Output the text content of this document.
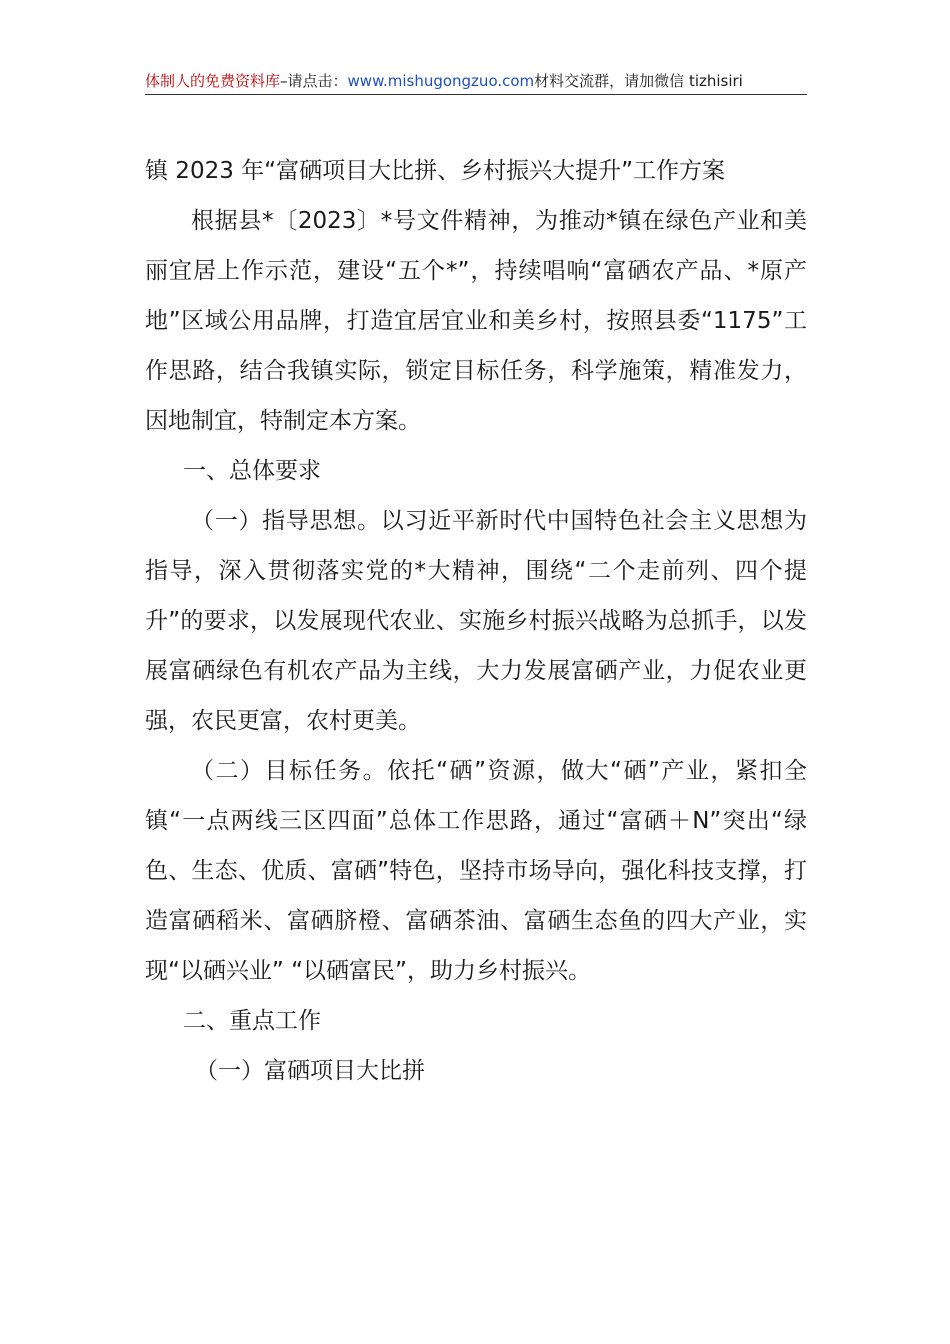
体制人的免费资料库–请点击：www.mishugongzuo.com材料交流群，请加微信 tizhisiri
镇 2023 年“富硒项目大比拼、乡村振兴大提升”工作方案

根据县*〔2023〕*号文件精神，为推动*镇在绿色产业和美丽宜居上作示范，建设“五个*”，持续唱响“富硒农产品、*原产地”区域公用品牌，打造宜居宜业和美乡村，按照县委“1175”工作思路，结合我镇实际，锁定目标任务，科学施策，精准发力，因地制宜，特制定本方案。

一、总体要求

（一）指导思想。以习近平新时代中国特色社会主义思想为指导，深入贯彻落实党的*大精神，围绕“二个走前列、四个提升”的要求，以发展现代农业、实施乡村振兴战略为总抓手，以发展富硒绿色有机农产品为主线，大力发展富硒产业，力促农业更强，农民更富，农村更美。

（二）目标任务。依托“硒”资源，做大“硒”产业，紧扣全镇“一点两线三区四面”总体工作思路，通过“富硒＋N”突出“绿色、生态、优质、富硒”特色，坚持市场导向，强化科技支撑，打造富硒稻米、富硒脐橙、富硒茶油、富硒生态鱼的四大产业，实现“以硒兴业” “以硒富民”，助力乡村振兴。

二、重点工作
（一）富硒项目大比拼
